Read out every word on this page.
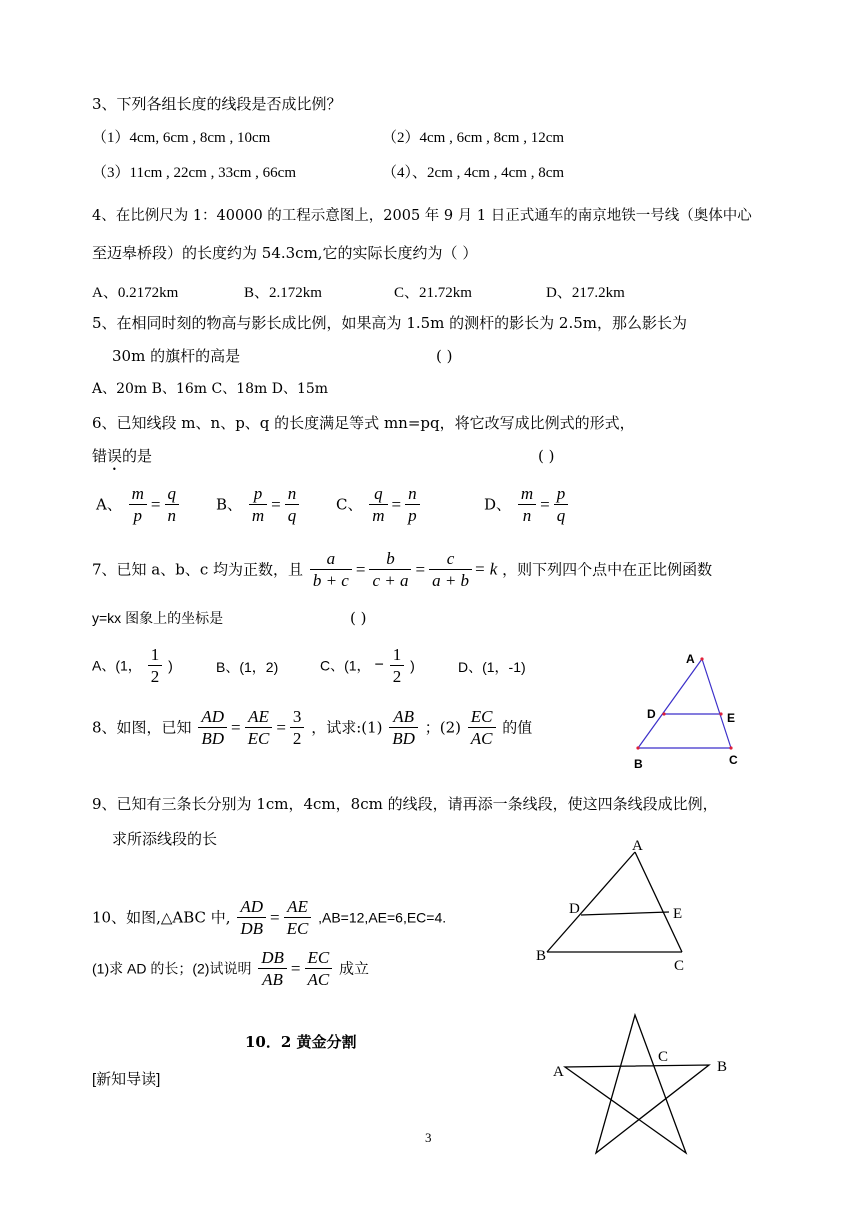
3、下列各组长度的线段是否成比例？
（1）4cm, 6cm , 8cm , 10cm	（2）4cm , 6cm , 8cm , 12cm
（3）11cm , 22cm , 33cm , 66cm	（4）、2cm , 4cm , 4cm , 8cm
4、在比例尺为 1：40000 的工程示意图上，2005 年 9 月 1 日正式通车的南京地铁一号线（奥体中心
至迈皋桥段）的长度约为 54.3cm,它的实际长度约为（ ）
A、0.2172km	B、2.172km	C、21.72km	D、217.2km
5、在相同时刻的物高与影长成比例，如果高为 1.5m 的测杆的影长为 2.5m，那么影长为
30m 的旗杆的高是	( )
A、20m B、16m C、18m D、15m
6、已知线段 m、n、p、q 的长度满足等式 mn=pq，将它改写成比例式的形式，
错误的是	( )
A、 $\frac{m}{p} = \frac{q}{n}$ B、 $\frac{p}{m} = \frac{n}{q}$ C、 $\frac{q}{m} = \frac{n}{p}$	D、 $\frac{m}{n} = \frac{p}{q}$
7、已知 a、b、c 均为正数，且 $\frac{a}{b + c} = \frac{b}{c + a} = \frac{c}{a + b} = k$ ，则下列四个点中在正比例函数
y=kx 图象上的坐标是	( )
A、(1， $\frac{1}{2}$ )	B、(1，2)	C、(1， − $\frac{1}{2}$ )	D、(1，-1)
8、如图，已知 $\frac{AD}{BD} = \frac{AE}{EC} = \frac{3}{2}$ ，试求:(1) $\frac{AB}{BD}$ ；$(2) \frac{EC}{AC}$ 的值
A
D	E
B	C
9、已知有三条长分别为 1cm，4cm，8cm 的线段，请再添一条线段，使这四条线段成比例，
求所添线段的长	A
D	E
B
C
10、如图,△ABC 中, $\frac{AD}{DB} = \frac{AE}{EC} ,AB=12,AE=6,EC=4$.
(1)求 AD 的长；(2)试说明 $\frac{DB}{AB} = \frac{EC}{AC}$ 成立
10．2 黄金分割
[新知导读]	A	B
C
3
